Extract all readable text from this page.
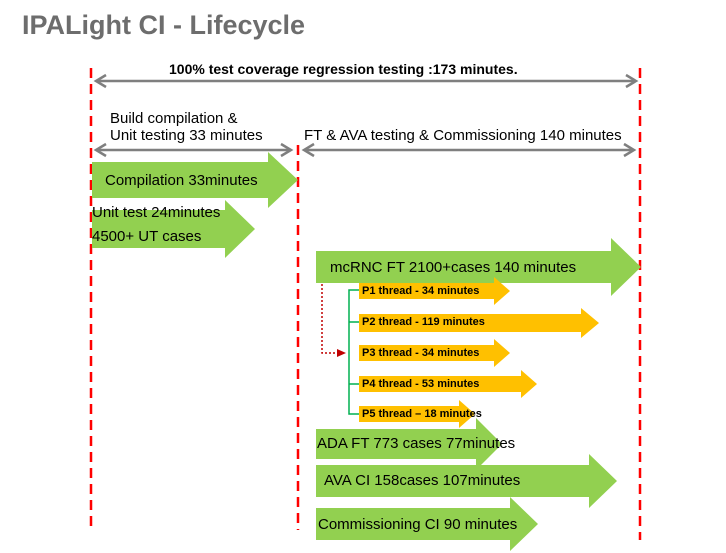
IPALight CI - Lifecycle
100% test coverage regression testing :173 minutes.
Build compilation &
Unit testing 33 minutes	FT & AVA testing & Commissioning 140 minutes
Compilation 33minutes
Unit test 24minutes
4500+ UT cases
mcRNC FT 2100+cases 140 minutes
P1 thread - 34 minutes
P2 thread - 119 minutes
P3 thread - 34 minutes
P4 thread - 53 minutes
P5 thread – 18 minutes
ADA FT 773 cases 77minutes
AVA CI 158cases 107minutes
Commissioning CI 90 minutes
